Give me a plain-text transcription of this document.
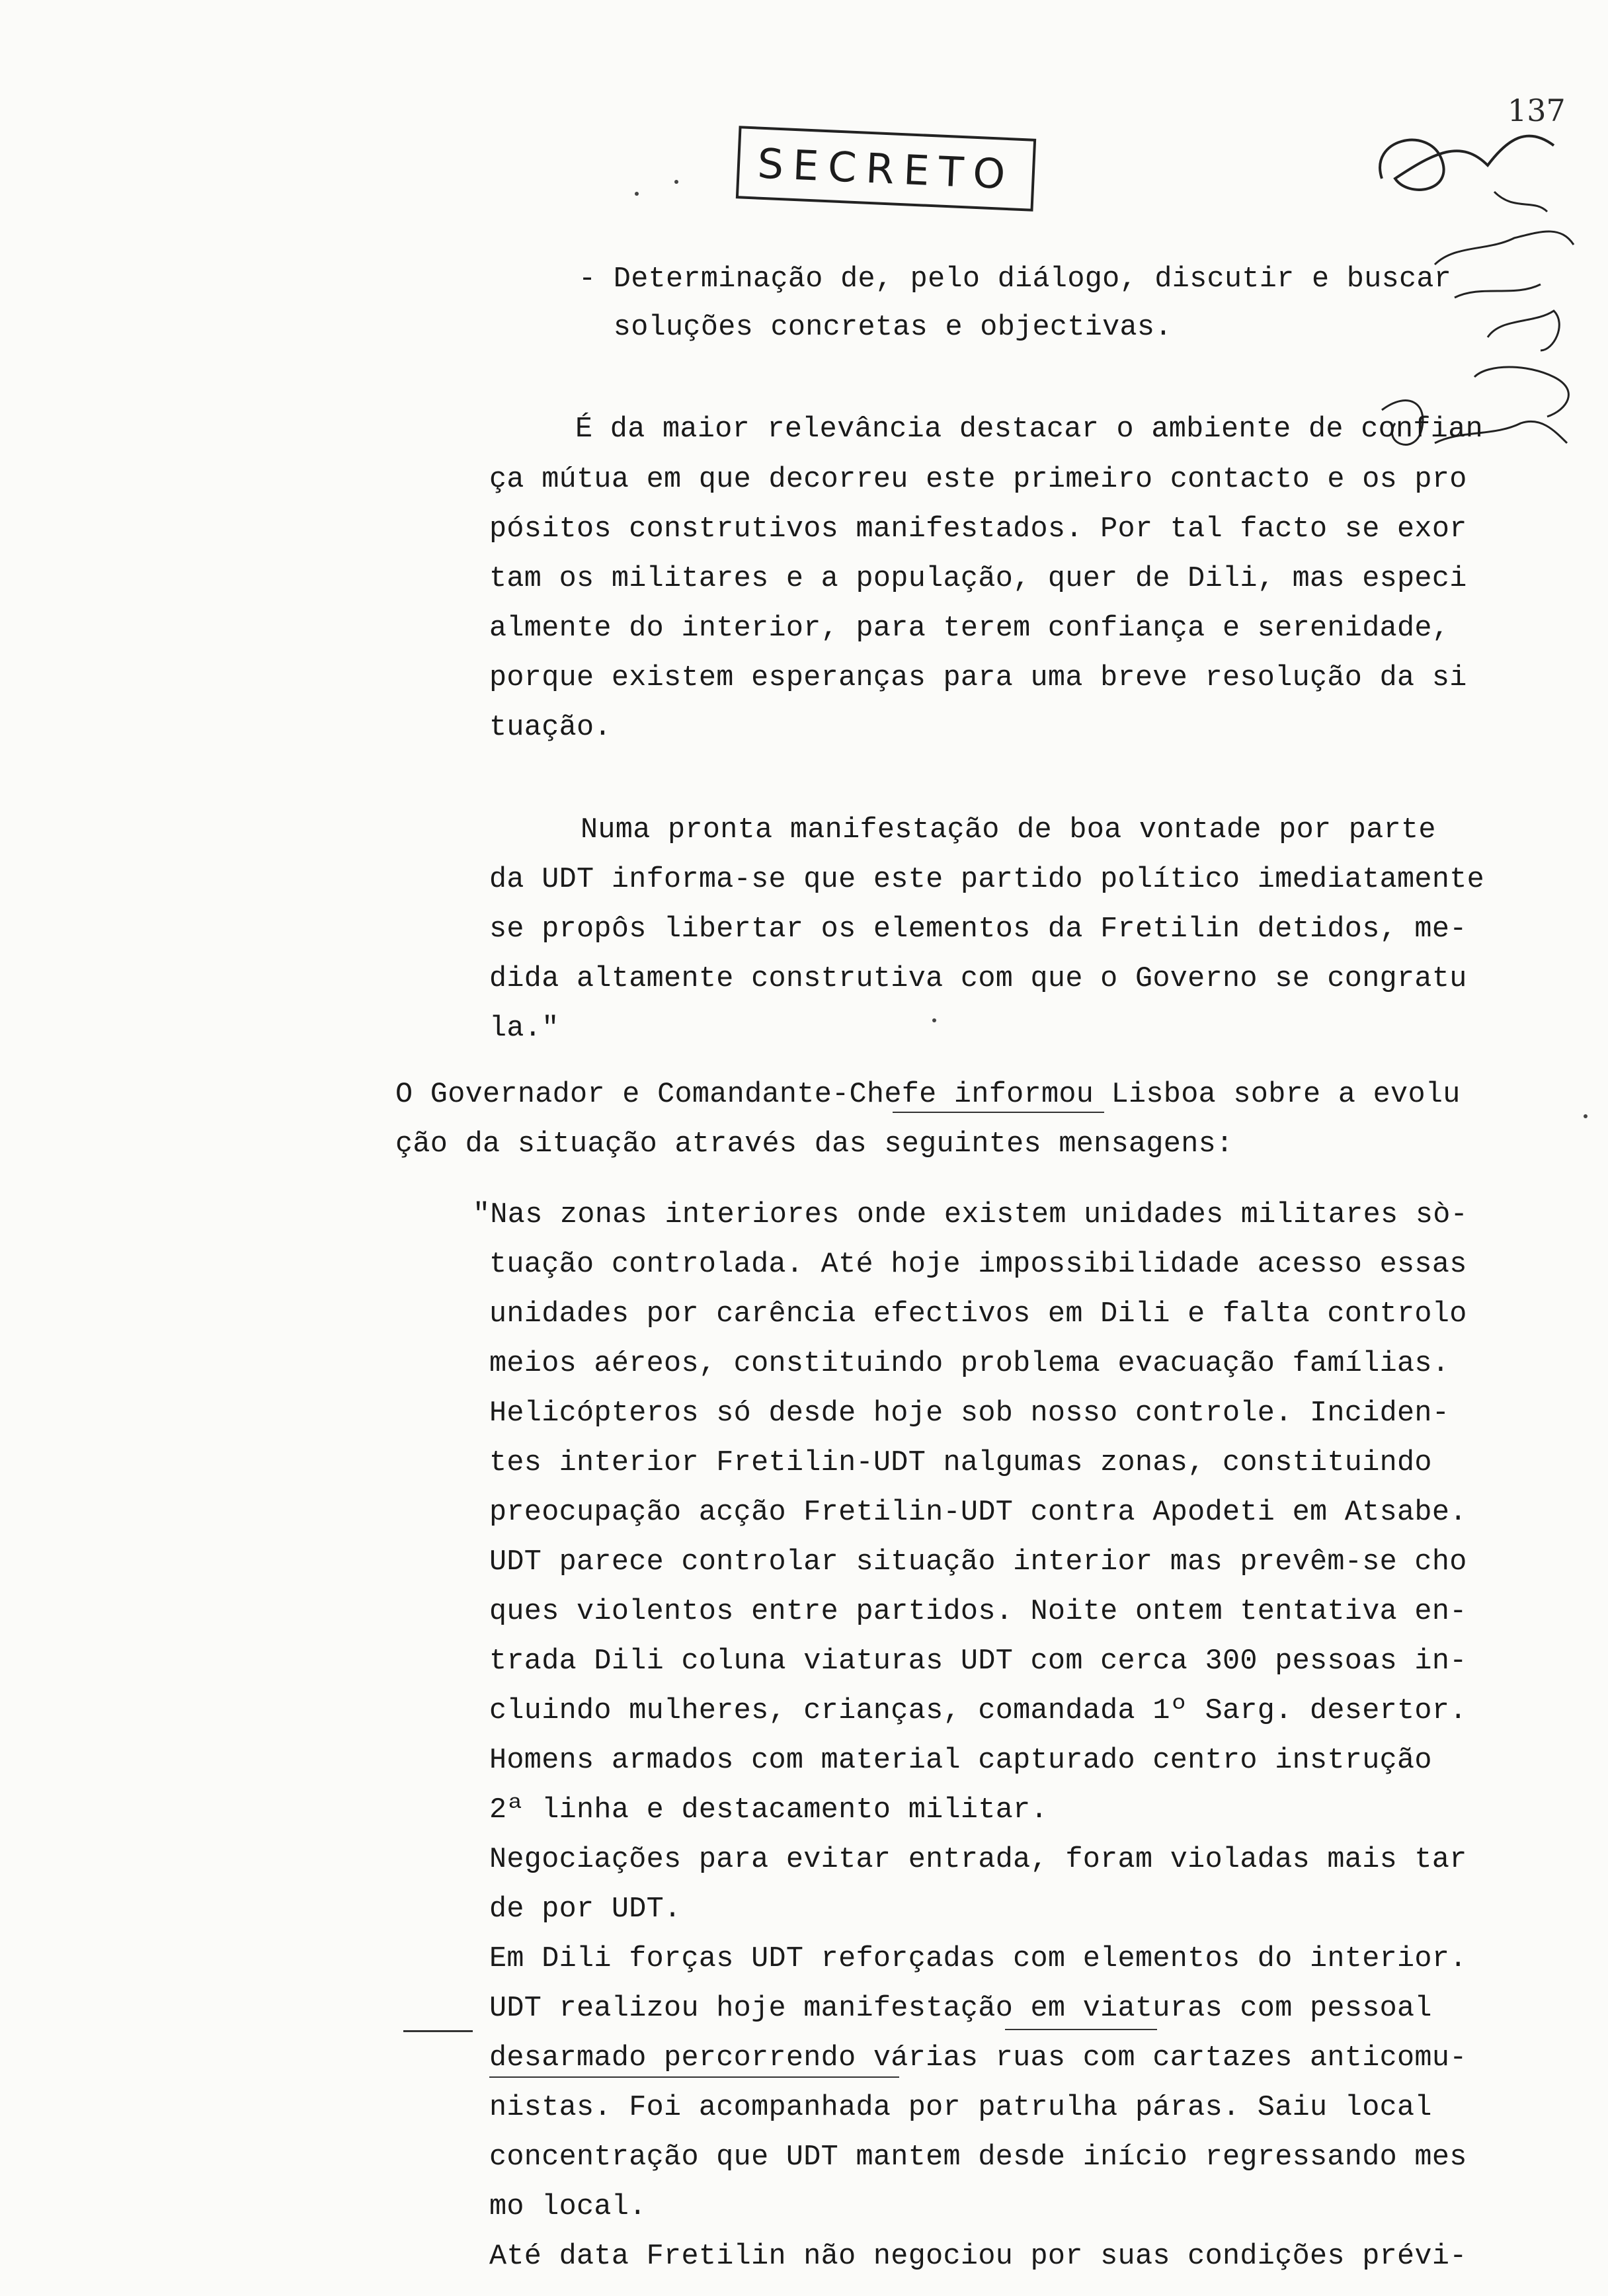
137
SECRETO
- Determinação de, pelo diálogo, discutir e buscar
soluções concretas e objectivas.
É da maior relevância destacar o ambiente de confian
ça mútua em que decorreu este primeiro contacto e os pro
pósitos construtivos manifestados. Por tal facto se exor
tam os militares e a população, quer de Dili, mas especi
almente do interior, para terem confiança e serenidade,
porque existem esperanças para uma breve resolução da si
tuação.
Numa pronta manifestação de boa vontade por parte
da UDT informa-se que este partido político imediatamente
se propôs libertar os elementos da Fretilin detidos, me-
dida altamente construtiva com que o Governo se congratu
la."
O Governador e Comandante-Chefe informou Lisboa sobre a evolu
ção da situação através das seguintes mensagens:
"Nas zonas interiores onde existem unidades militares sò-
tuação controlada. Até hoje impossibilidade acesso essas
unidades por carência efectivos em Dili e falta controlo
meios aéreos, constituindo problema evacuação famílias.
Helicópteros só desde hoje sob nosso controle. Inciden-
tes interior Fretilin-UDT nalgumas zonas, constituindo
preocupação acção Fretilin-UDT contra Apodeti em Atsabe.
UDT parece controlar situação interior mas prevêm-se cho
ques violentos entre partidos. Noite ontem tentativa en-
trada Dili coluna viaturas UDT com cerca 300 pessoas in-
cluindo mulheres, crianças, comandada 1º Sarg. desertor.
Homens armados com material capturado centro instrução
2ª linha e destacamento militar.
Negociações para evitar entrada, foram violadas mais tar
de por UDT.
Em Dili forças UDT reforçadas com elementos do interior.
UDT realizou hoje manifestação em viaturas com pessoal
desarmado percorrendo várias ruas com cartazes anticomu-
nistas. Foi acompanhada por patrulha páras. Saiu local
concentração que UDT mantem desde início regressando mes
mo local.
Até data Fretilin não negociou por suas condições prévi-
